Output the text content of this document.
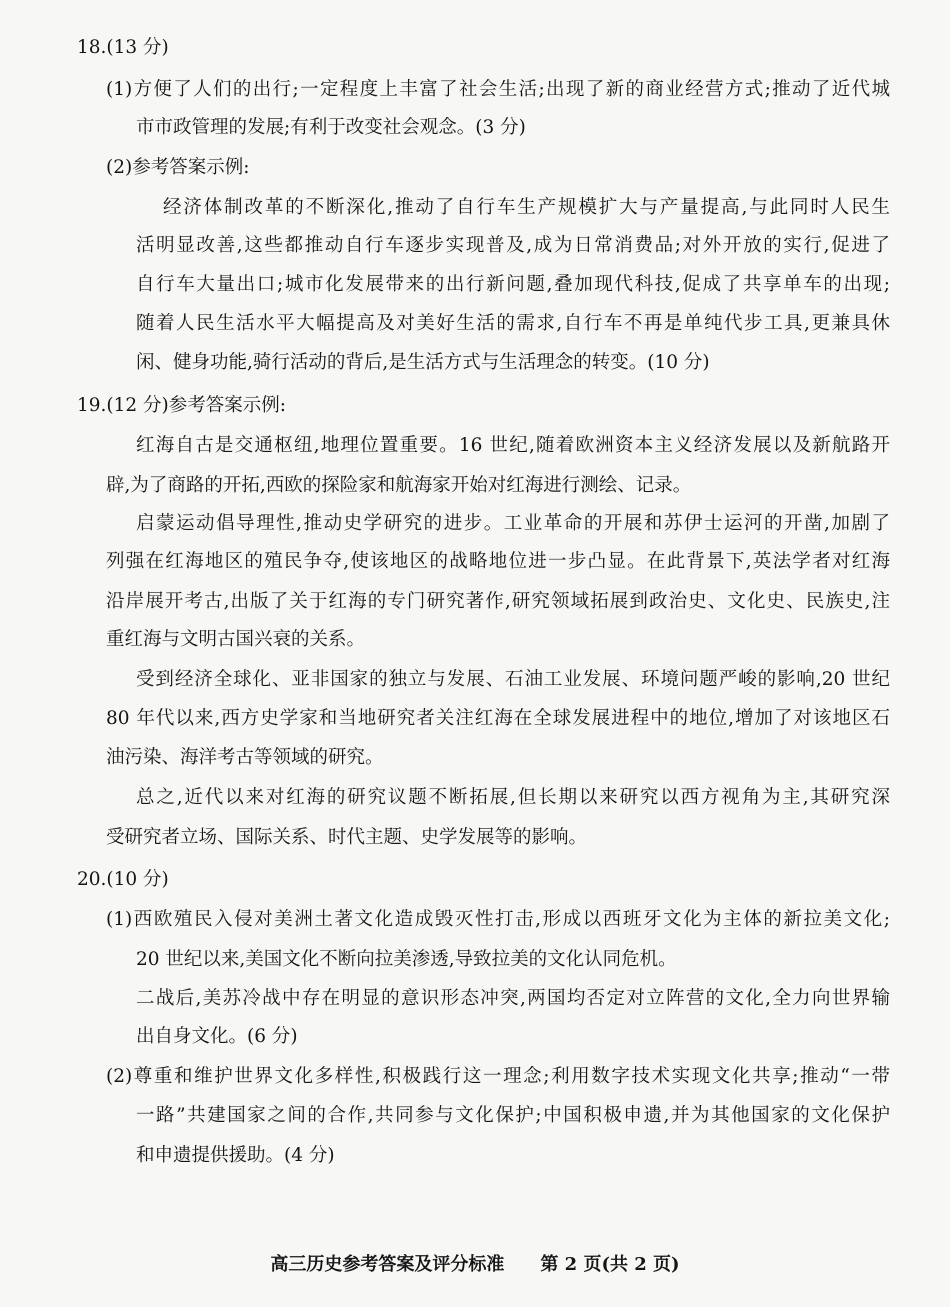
18.(13 分)
(1)方便了人们的出行;一定程度上丰富了社会生活;出现了新的商业经营方式;推动了近代城
市市政管理的发展;有利于改变社会观念。(3 分)
(2)参考答案示例:
经济体制改革的不断深化,推动了自行车生产规模扩大与产量提高,与此同时人民生
活明显改善,这些都推动自行车逐步实现普及,成为日常消费品;对外开放的实行,促进了
自行车大量出口;城市化发展带来的出行新问题,叠加现代科技,促成了共享单车的出现;
随着人民生活水平大幅提高及对美好生活的需求,自行车不再是单纯代步工具,更兼具休
闲、健身功能,骑行活动的背后,是生活方式与生活理念的转变。(10 分)
19.(12 分)参考答案示例:
红海自古是交通枢纽,地理位置重要。16 世纪,随着欧洲资本主义经济发展以及新航路开
辟,为了商路的开拓,西欧的探险家和航海家开始对红海进行测绘、记录。
启蒙运动倡导理性,推动史学研究的进步。工业革命的开展和苏伊士运河的开凿,加剧了
列强在红海地区的殖民争夺,使该地区的战略地位进一步凸显。在此背景下,英法学者对红海
沿岸展开考古,出版了关于红海的专门研究著作,研究领域拓展到政治史、文化史、民族史,注
重红海与文明古国兴衰的关系。
受到经济全球化、亚非国家的独立与发展、石油工业发展、环境问题严峻的影响,20 世纪
80 年代以来,西方史学家和当地研究者关注红海在全球发展进程中的地位,增加了对该地区石
油污染、海洋考古等领域的研究。
总之,近代以来对红海的研究议题不断拓展,但长期以来研究以西方视角为主,其研究深
受研究者立场、国际关系、时代主题、史学发展等的影响。
20.(10 分)
(1)西欧殖民入侵对美洲土著文化造成毁灭性打击,形成以西班牙文化为主体的新拉美文化;
20 世纪以来,美国文化不断向拉美渗透,导致拉美的文化认同危机。
二战后,美苏冷战中存在明显的意识形态冲突,两国均否定对立阵营的文化,全力向世界输
出自身文化。(6 分)
(2)尊重和维护世界文化多样性,积极践行这一理念;利用数字技术实现文化共享;推动“一带
一路”共建国家之间的合作,共同参与文化保护;中国积极申遗,并为其他国家的文化保护
和申遗提供援助。(4 分)
高三历史参考答案及评分标准　　第 2 页(共 2 页)
